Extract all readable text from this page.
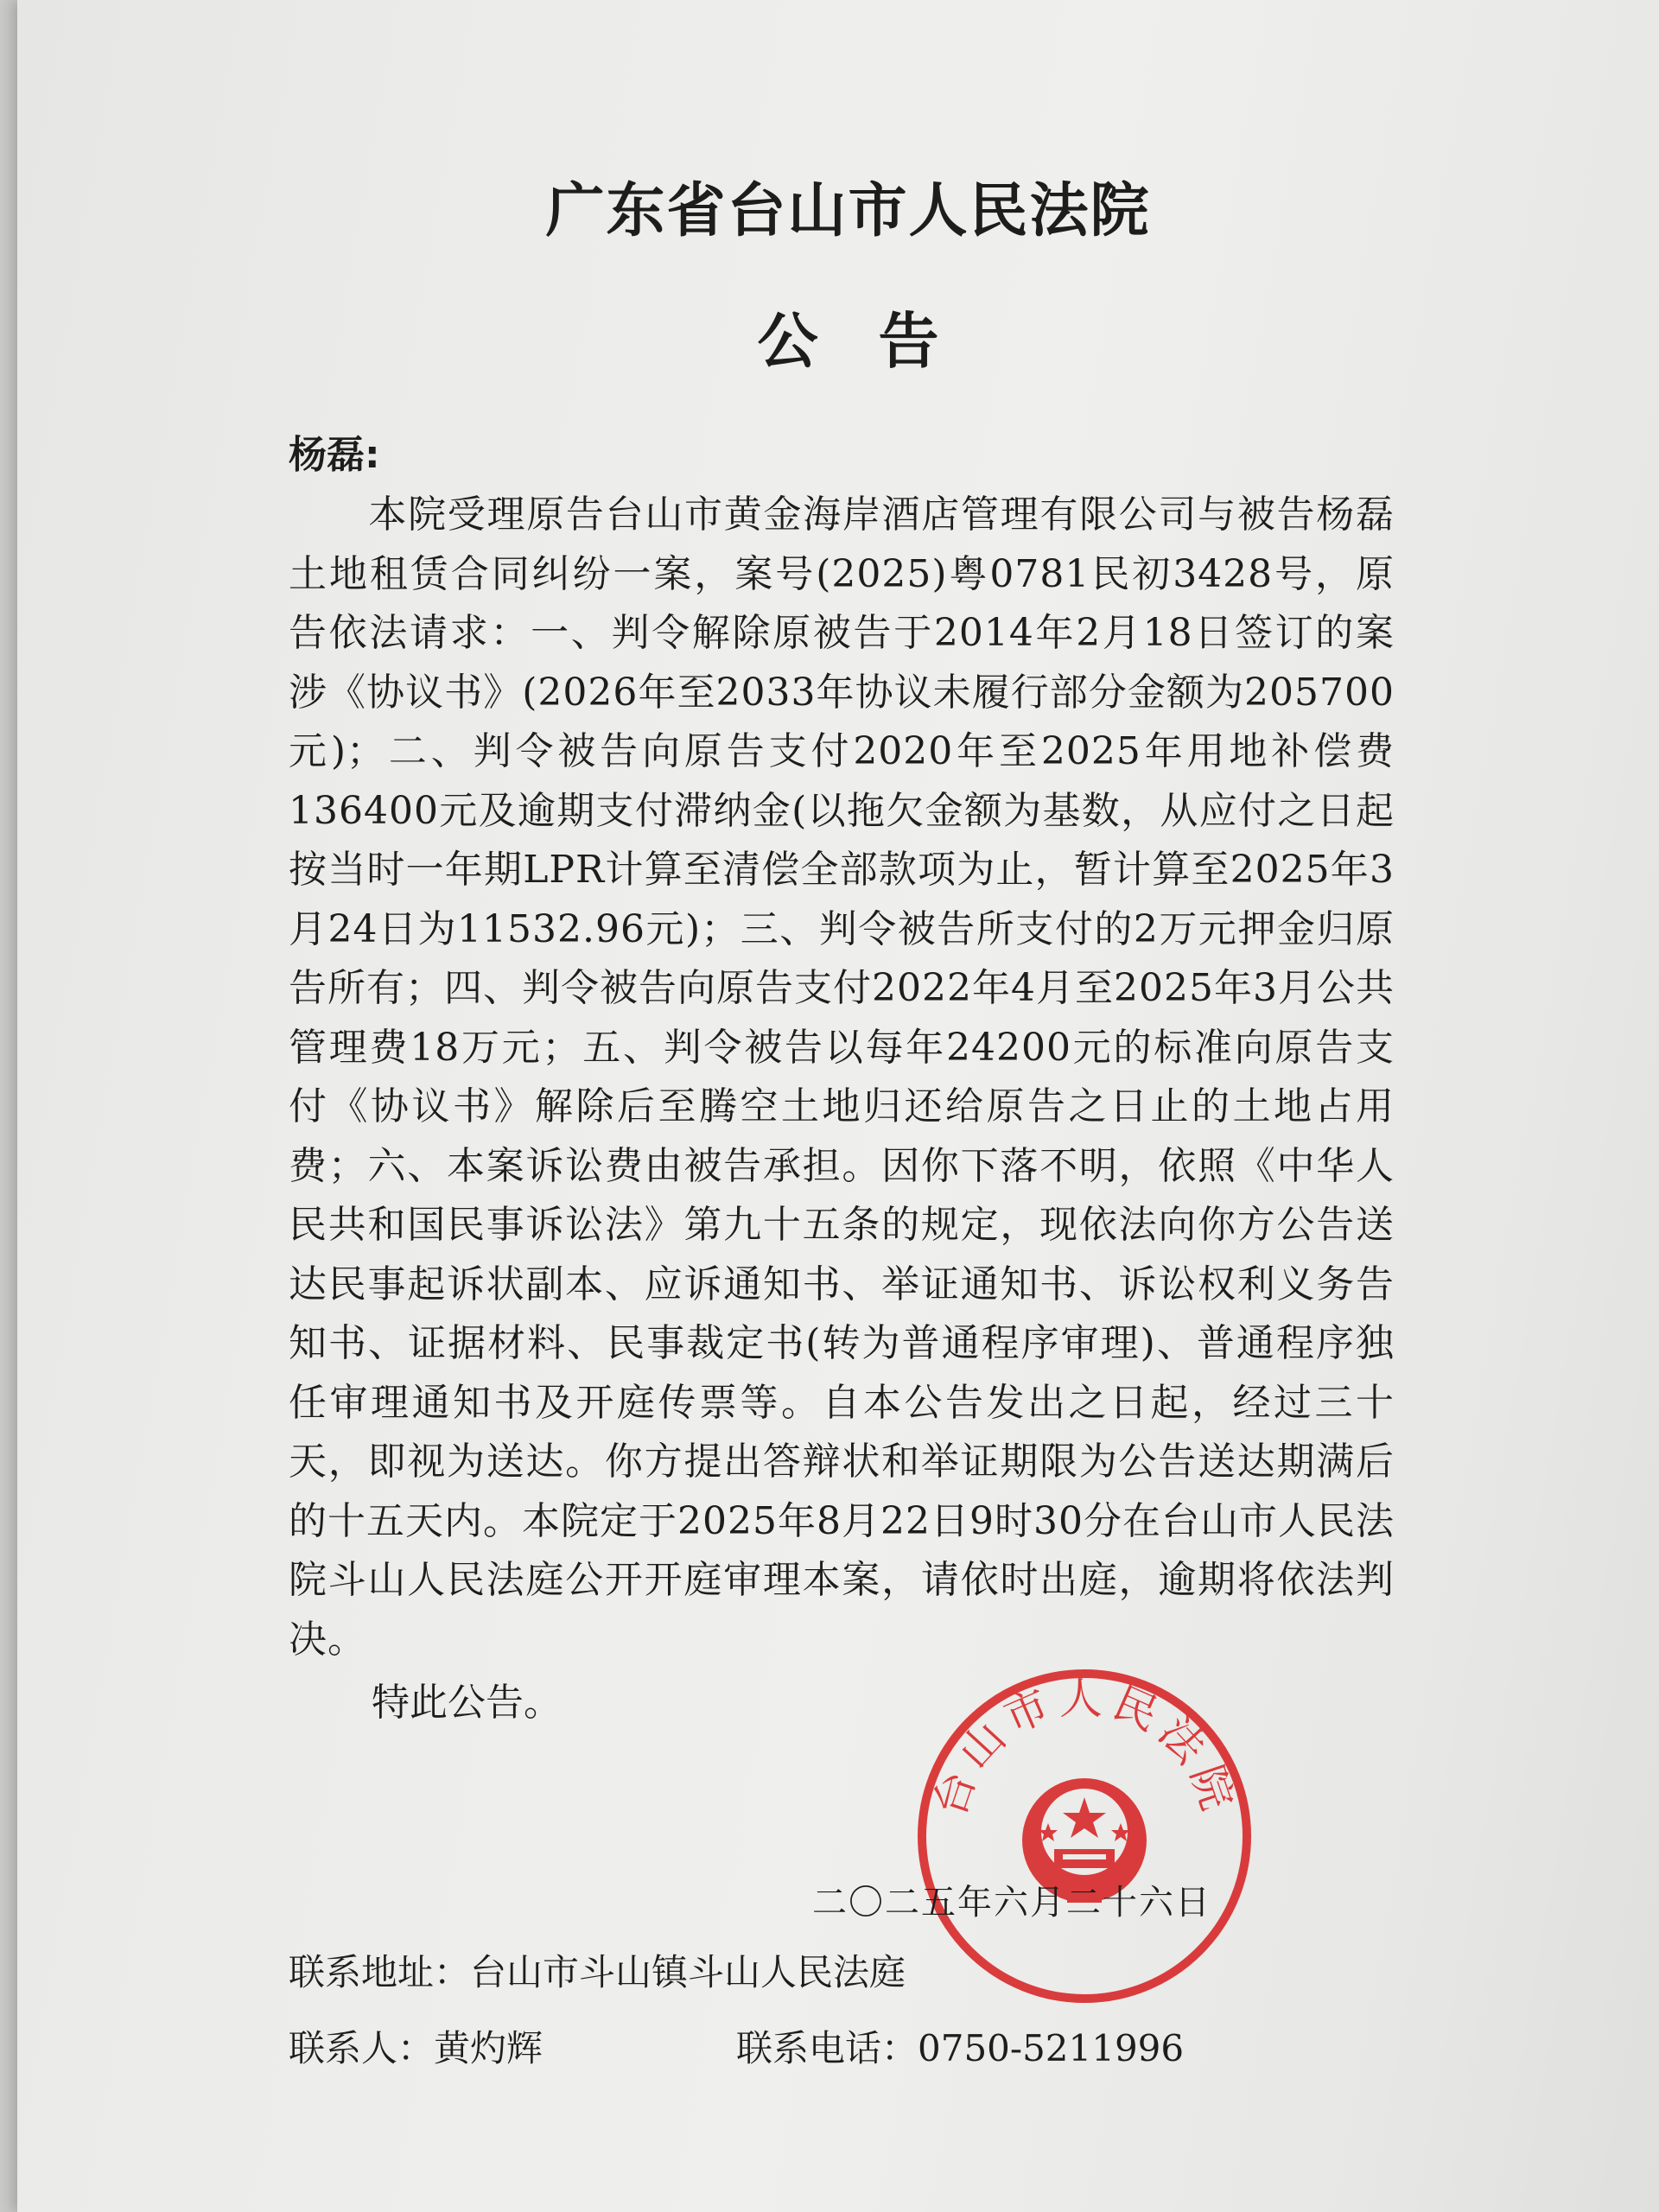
广东省台山市人民法院
公　告
杨磊:

本院受理原告台山市黄金海岸酒店管理有限公司与被告杨磊土地租赁合同纠纷一案，案号(2025)粤0781民初3428号，原告依法请求：一、判令解除原被告于2014年2月18日签订的案涉《协议书》(2026年至2033年协议未履行部分金额为205700元)；二、判令被告向原告支付2020年至2025年用地补偿费136400元及逾期支付滞纳金(以拖欠金额为基数，从应付之日起按当时一年期LPR计算至清偿全部款项为止，暂计算至2025年3月24日为11532.96元)；三、判令被告所支付的2万元押金归原告所有；四、判令被告向原告支付2022年4月至2025年3月公共管理费18万元；五、判令被告以每年24200元的标准向原告支付《协议书》解除后至腾空土地归还给原告之日止的土地占用费；六、本案诉讼费由被告承担。因你下落不明，依照《中华人民共和国民事诉讼法》第九十五条的规定，现依法向你方公告送达民事起诉状副本、应诉通知书、举证通知书、诉讼权利义务告知书、证据材料、民事裁定书(转为普通程序审理)、普通程序独任审理通知书及开庭传票等。自本公告发出之日起，经过三十天，即视为送达。你方提出答辩状和举证期限为公告送达期满后的十五天内。本院定于2025年8月22日9时30分在台山市人民法院斗山人民法庭公开开庭审理本案，请依时出庭，逾期将依法判决。

特此公告。
台山市人民法院
二〇二五年六月二十六日
联系地址：台山市斗山镇斗山人民法庭
联系人：黄灼辉	联系电话：0750-5211996
